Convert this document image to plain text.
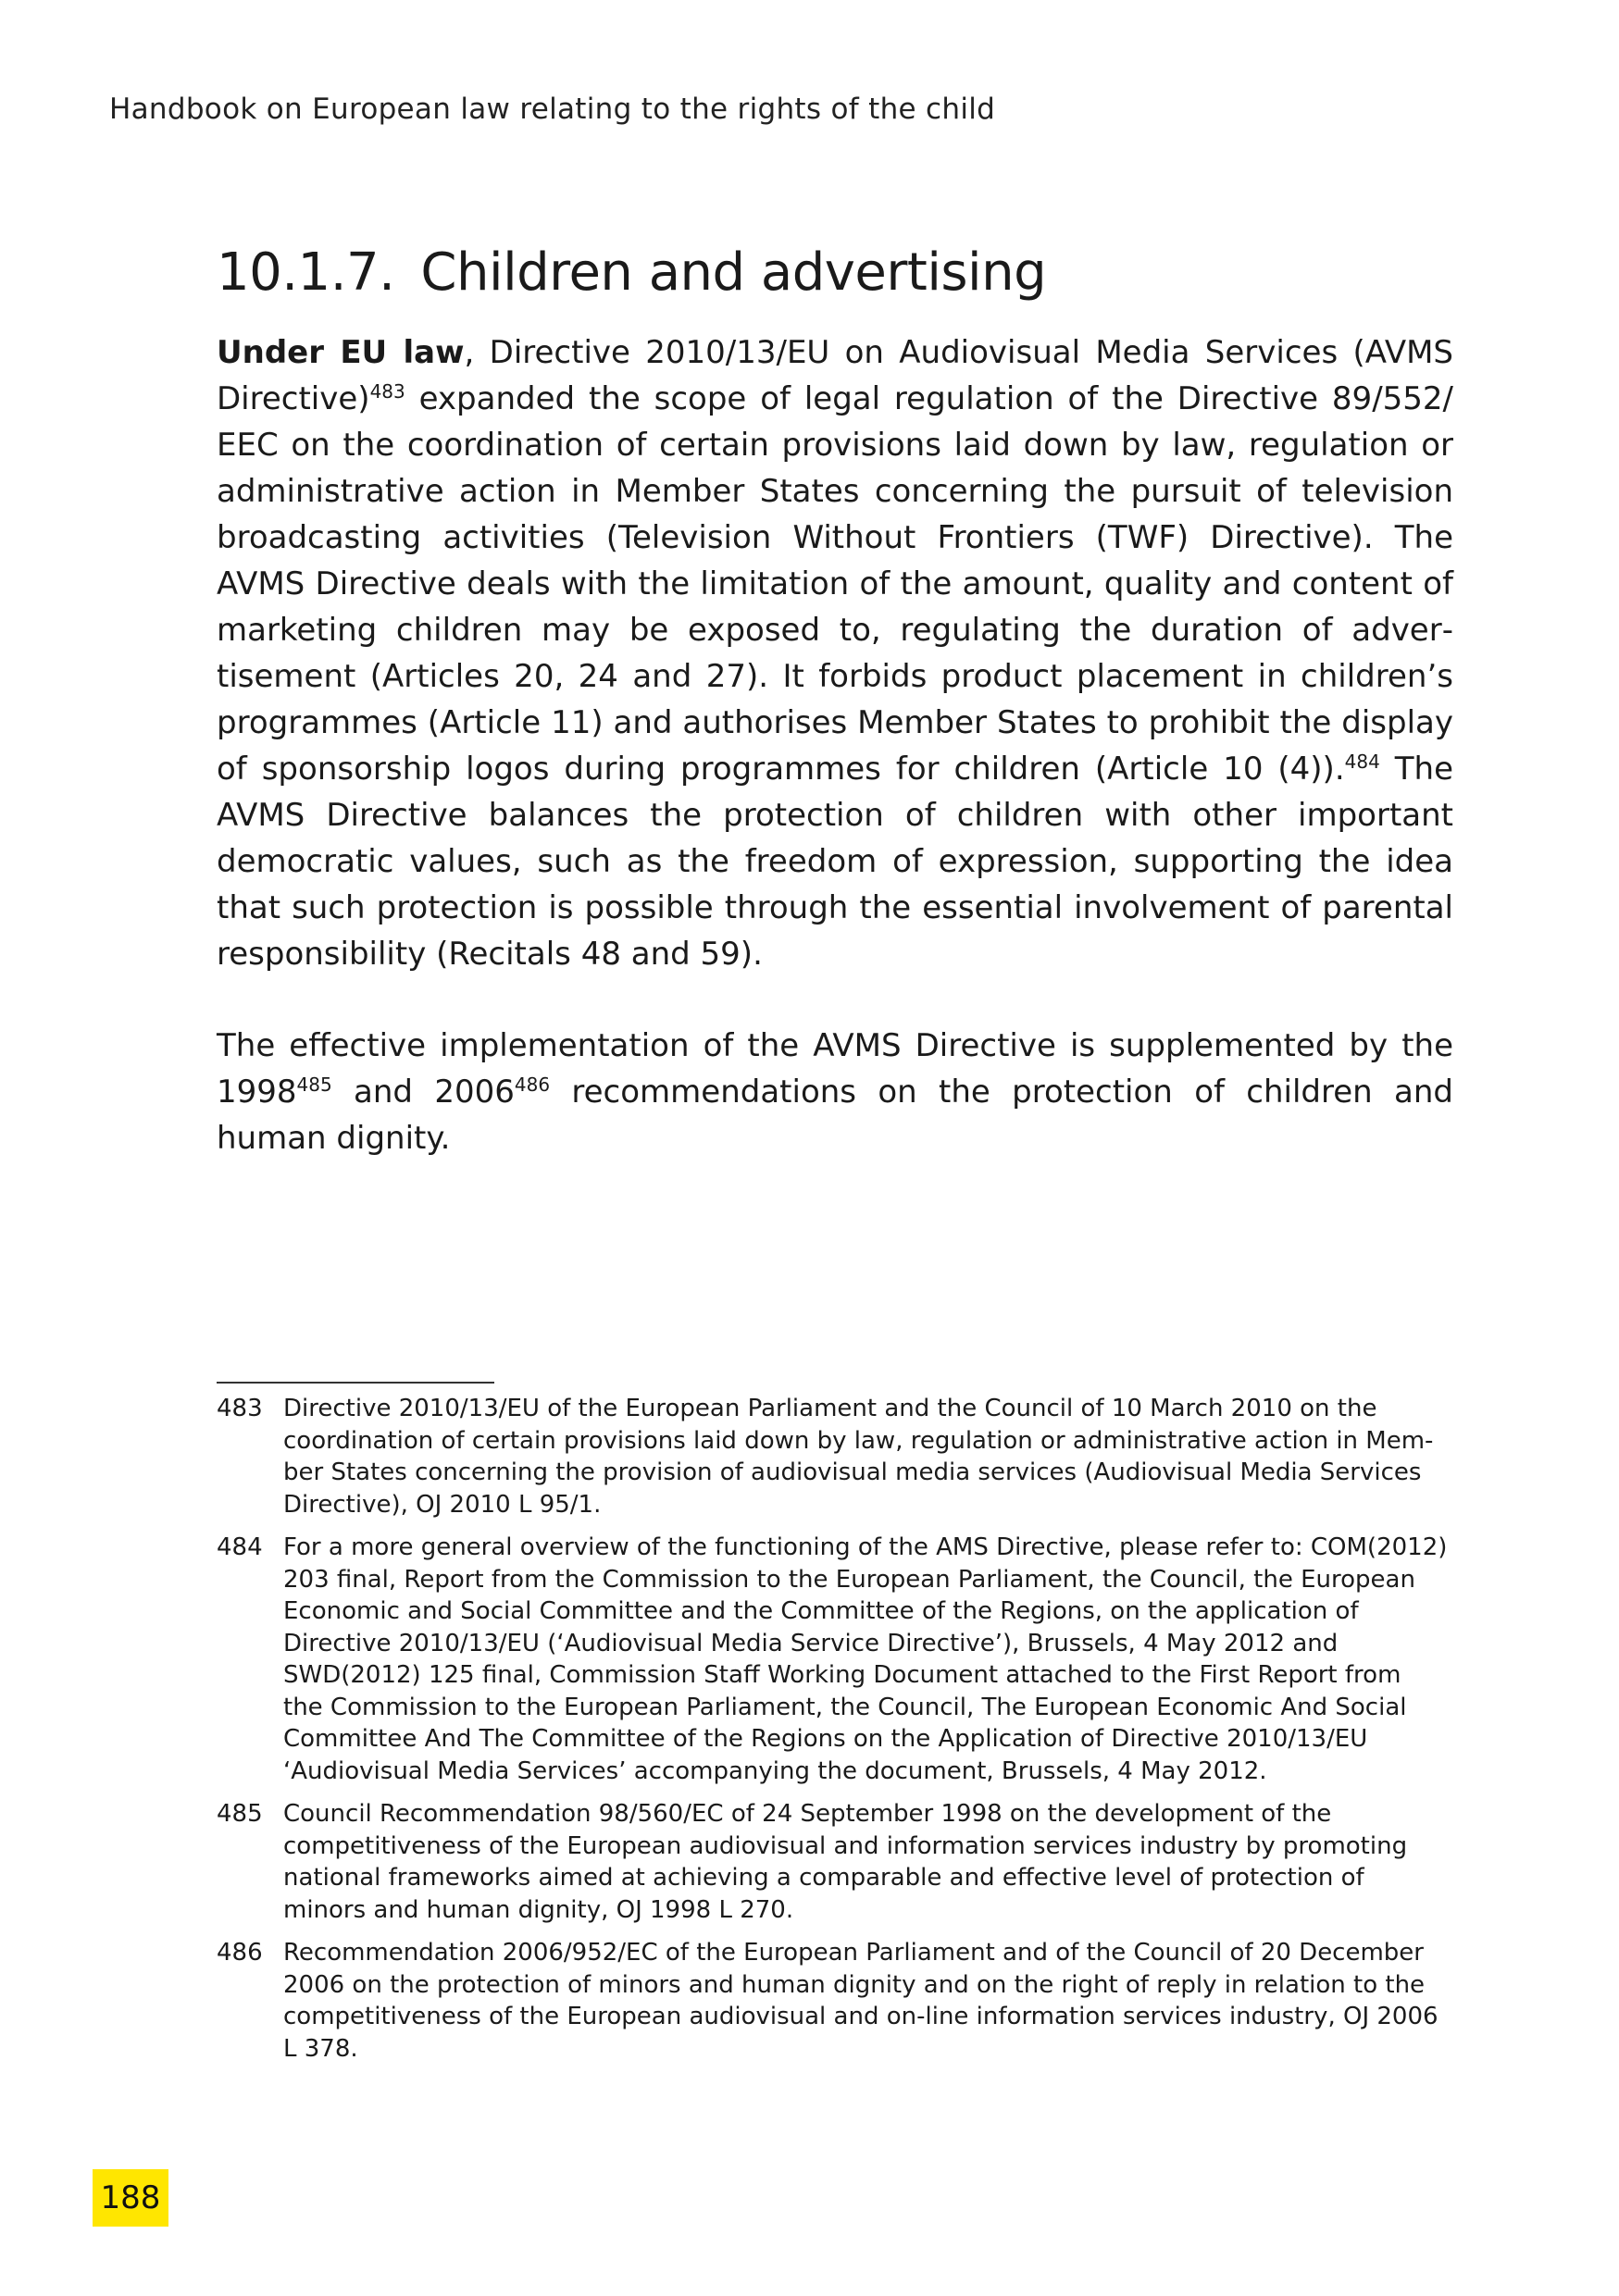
Handbook on European law relating to the rights of the child
10.1.7. Children and advertising

Under EU law, Directive 2010/13/EU on Audiovisual Media Services (AVMS Directive)$^{483}$ expanded the scope of legal regulation of the Directive 89/552/ EEC on the coordination of certain provisions laid down by law, regulation or administrative action in Member States concerning the pursuit of television broadcasting activities (Television Without Frontiers (TWF) Directive). The AVMS Directive deals with the limitation of the amount, quality and content of marketing children may be exposed to, regulating the duration of advertisement (Articles 20, 24 and 27). It forbids product placement in children’s programmes (Article 11) and authorises Member States to prohibit the display of sponsorship logos during programmes for children (Article 10 (4)).$^{484}$ The AVMS Directive balances the protection of children with other important democratic values, such as the freedom of expression, supporting the idea that such protection is possible through the essential involvement of parental responsibility (Recitals 48 and 59).

The effective implementation of the AVMS Directive is supplemented by the 1998$^{485}$ and 2006$^{486}$ recommendations on the protection of children and human dignity.

483 Directive 2010/13/EU of the European Parliament and the Council of 10 March 2010 on the coordination of certain provisions laid down by law, regulation or administrative action in Member States concerning the provision of audiovisual media services (Audiovisual Media Services Directive), OJ 2010 L 95/1.
484 For a more general overview of the functioning of the AMS Directive, please refer to: COM(2012) 203 final, Report from the Commission to the European Parliament, the Council, the European Economic and Social Committee and the Committee of the Regions, on the application of Directive 2010/13/EU (‘Audiovisual Media Service Directive’), Brussels, 4 May 2012 and SWD(2012) 125 final, Commission Staff Working Document attached to the First Report from the Commission to the European Parliament, the Council, The European Economic And Social Committee And The Committee of the Regions on the Application of Directive 2010/13/EU ‘Audiovisual Media Services’ accompanying the document, Brussels, 4 May 2012.
485 Council Recommendation 98/560/EC of 24 September 1998 on the development of the competitiveness of the European audiovisual and information services industry by promoting national frameworks aimed at achieving a comparable and effective level of protection of minors and human dignity, OJ 1998 L 270.
486 Recommendation 2006/952/EC of the European Parliament and of the Council of 20 December 2006 on the protection of minors and human dignity and on the right of reply in relation to the competitiveness of the European audiovisual and on-line information services industry, OJ 2006 L 378.
188
